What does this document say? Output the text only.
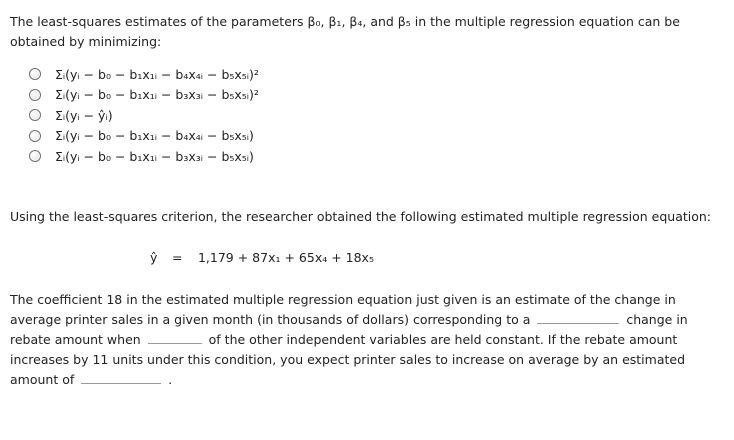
The least-squares estimates of the parameters β₀, β₁, β₄, and β₅ in the multiple regression equation can be obtained by minimizing:

Σᵢ(yᵢ − b₀ − b₁x₁ᵢ − b₄x₄ᵢ − b₅x₅ᵢ)²
Σᵢ(yᵢ − b₀ − b₁x₁ᵢ − b₃x₃ᵢ − b₅x₅ᵢ)²
Σᵢ(yᵢ − ŷᵢ)
Σᵢ(yᵢ − b₀ − b₁x₁ᵢ − b₄x₄ᵢ − b₅x₅ᵢ)
Σᵢ(yᵢ − b₀ − b₁x₁ᵢ − b₃x₃ᵢ − b₅x₅ᵢ)

Using the least-squares criterion, the researcher obtained the following estimated multiple regression equation:

ŷ = 1,179 + 87x₁ + 65x₄ + 18x₅

The coefficient 18 in the estimated multiple regression equation just given is an estimate of the change in average printer sales in a given month (in thousands of dollars) corresponding to a	change in rebate amount when	of the other independent variables are held constant. If the rebate amount increases by 11 units under this condition, you expect printer sales to increase on average by an estimated amount of	.
